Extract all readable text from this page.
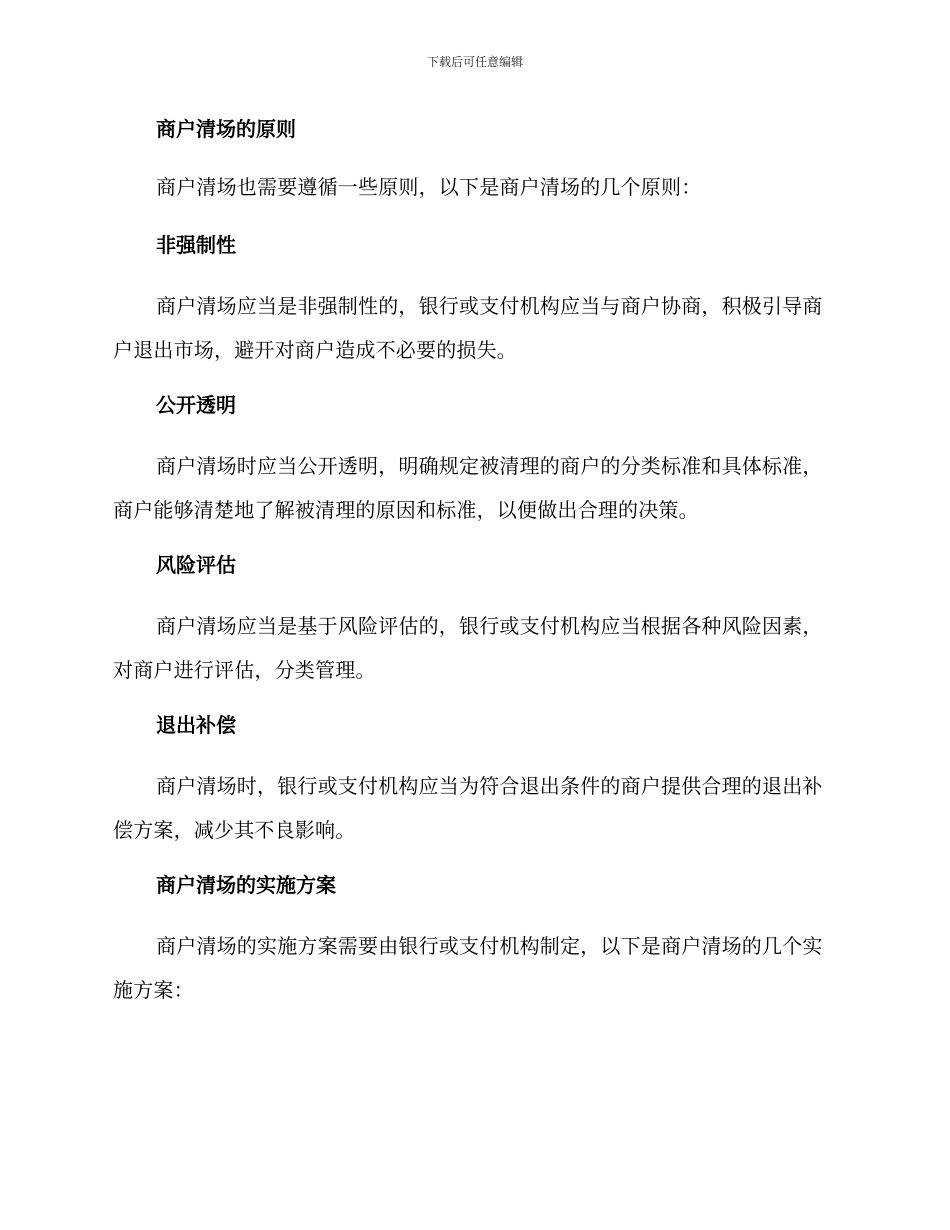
下载后可任意编辑
商户清场的原则

商户清场也需要遵循一些原则，以下是商户清场的几个原则：

非强制性

商户清场应当是非强制性的，银行或支付机构应当与商户协商，积极引导商户退出市场，避开对商户造成不必要的损失。

公开透明

商户清场时应当公开透明，明确规定被清理的商户的分类标准和具体标准，商户能够清楚地了解被清理的原因和标准，以便做出合理的决策。

风险评估

商户清场应当是基于风险评估的，银行或支付机构应当根据各种风险因素，对商户进行评估，分类管理。

退出补偿

商户清场时，银行或支付机构应当为符合退出条件的商户提供合理的退出补偿方案，减少其不良影响。

商户清场的实施方案

商户清场的实施方案需要由银行或支付机构制定，以下是商户清场的几个实施方案：
